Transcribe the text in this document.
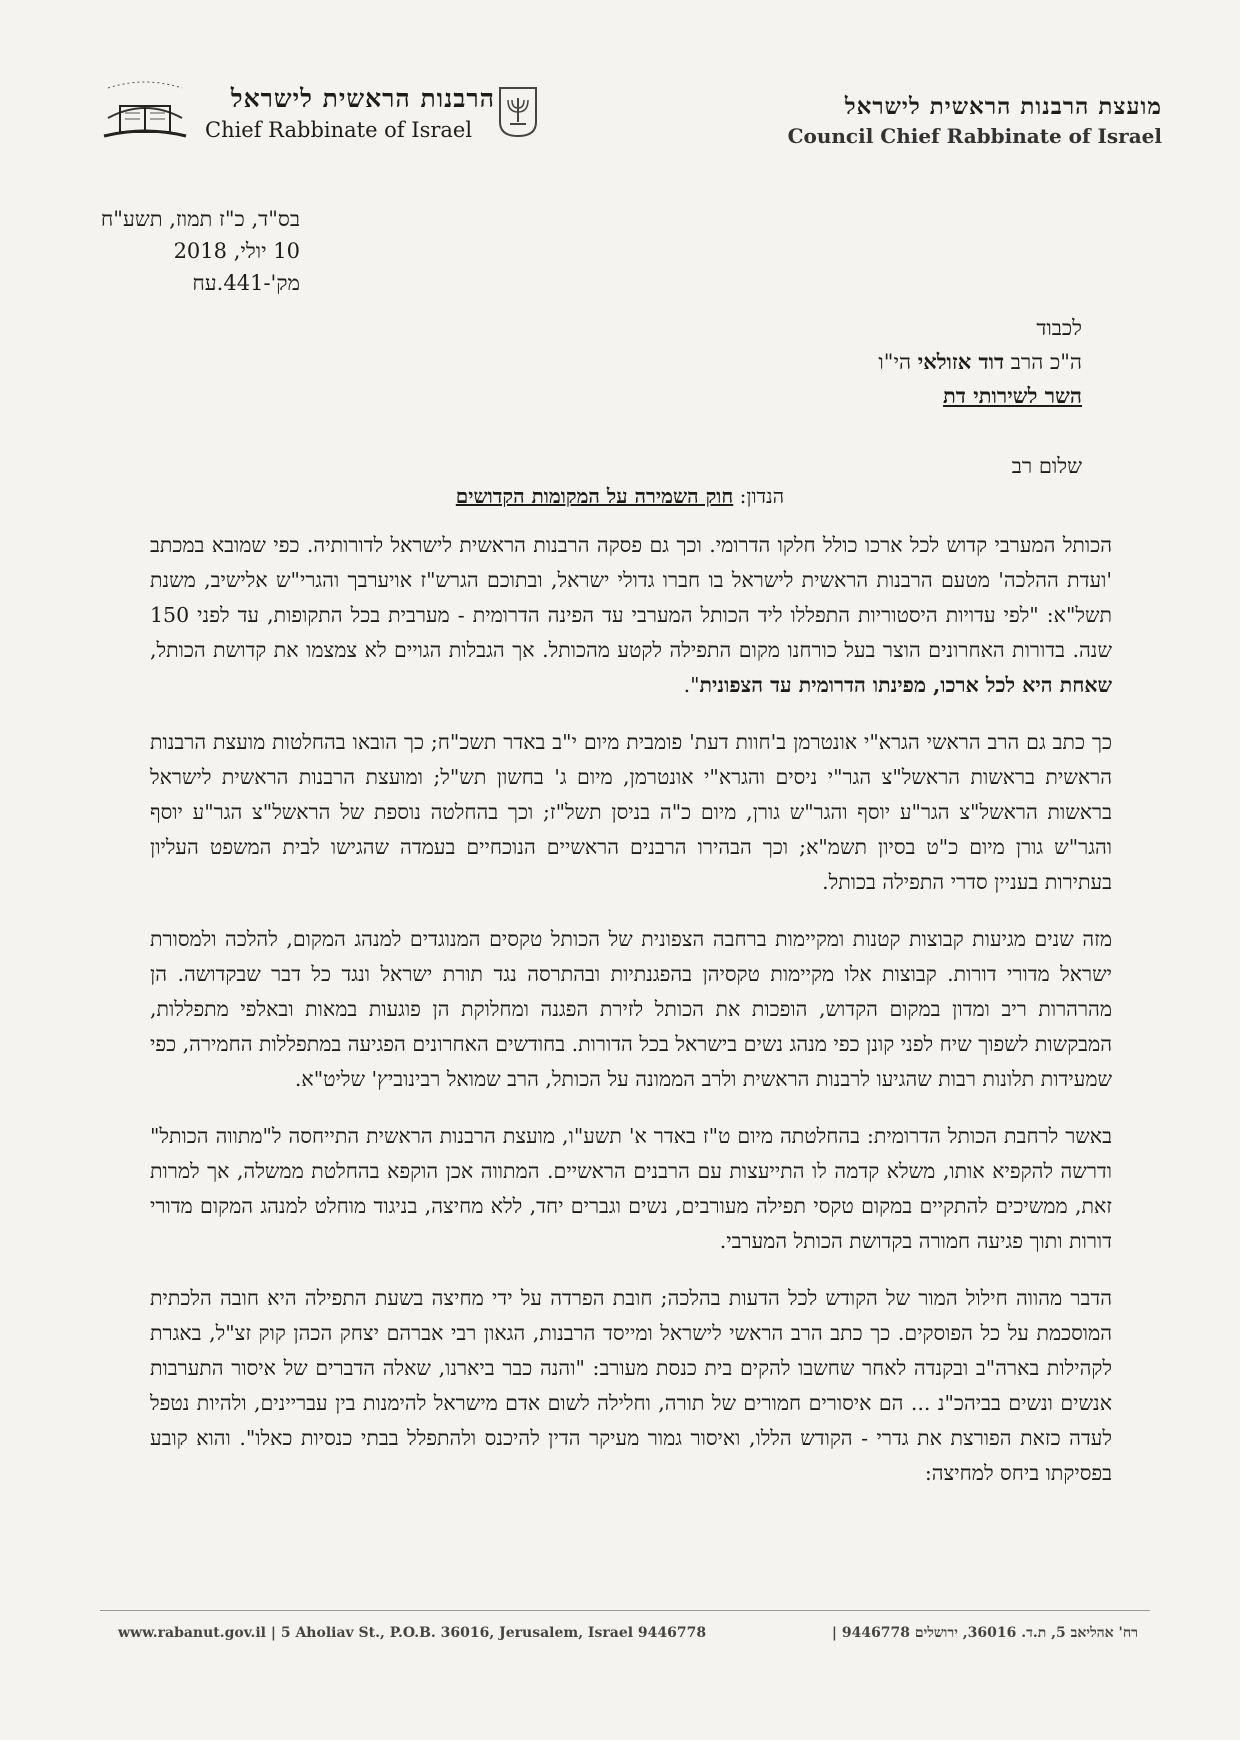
הרבנות הראשית לישראל
Chief Rabbinate of Israel
מועצת הרבנות הראשית לישראל
Council Chief Rabbinate of Israel
בס"ד, כ"ז תמוז, תשע"ח
10 יולי, 2018
מק'-441.עח
לכבוד
ה"כ הרב דוד אזולאי הי"ו
השר לשירותי דת
שלום רב
הנדון: חוק השמירה על המקומות הקדושים

הכותל המערבי קדוש לכל ארכו כולל חלקו הדרומי. וכך גם פסקה הרבנות הראשית לישראל לדורותיה. כפי שמובא במכתב 'ועדת ההלכה' מטעם הרבנות הראשית לישראל בו חברו גדולי ישראל, ובתוכם הגרש"ז אויערבך והגרי"ש אלישיב, משנת תשל"א: "לפי עדויות היסטוריות התפללו ליד הכותל המערבי עד הפינה הדרומית - מערבית בכל התקופות, עד לפני 150 שנה. בדורות האחרונים הוצר בעל כורחנו מקום התפילה לקטע מהכותל. אך הגבלות הגויים לא צמצמו את קדושת הכותל, שאחת היא לכל ארכו, מפינתו הדרומית עד הצפונית".

כך כתב גם הרב הראשי הגרא"י אונטרמן ב'חוות דעת' פומבית מיום י"ב באדר תשכ"ח; כך הובאו בהחלטות מועצת הרבנות הראשית בראשות הראשל"צ הגר"י ניסים והגרא"י אונטרמן, מיום ג' בחשון תש"ל; ומועצת הרבנות הראשית לישראל בראשות הראשל"צ הגר"ע יוסף והגר"ש גורן, מיום כ"ה בניסן תשל"ז; וכך בהחלטה נוספת של הראשל"צ הגר"ע יוסף והגר"ש גורן מיום כ"ט בסיון תשמ"א; וכך הבהירו הרבנים הראשיים הנוכחיים בעמדה שהגישו לבית המשפט העליון בעתירות בעניין סדרי התפילה בכותל.

מזה שנים מגיעות קבוצות קטנות ומקיימות ברחבה הצפונית של הכותל טקסים המנוגדים למנהג המקום, להלכה ולמסורת ישראל מדורי דורות. קבוצות אלו מקיימות טקסיהן בהפגנתיות ובהתרסה נגד תורת ישראל ונגד כל דבר שבקדושה. הן מהרהרות ריב ומדון במקום הקדוש, הופכות את הכותל לזירת הפגנה ומחלוקת הן פוגעות במאות ובאלפי מתפללות, המבקשות לשפוך שיח לפני קונן כפי מנהג נשים בישראל בכל הדורות. בחודשים האחרונים הפגיעה במתפללות החמירה, כפי שמעידות תלונות רבות שהגיעו לרבנות הראשית ולרב הממונה על הכותל, הרב שמואל רבינוביץ' שליט"א.

באשר לרחבת הכותל הדרומית: בהחלטתה מיום ט"ז באדר א' תשע"ו, מועצת הרבנות הראשית התייחסה ל"מתווה הכותל" ודרשה להקפיא אותו, משלא קדמה לו התייעצות עם הרבנים הראשיים. המתווה אכן הוקפא בהחלטת ממשלה, אך למרות זאת, ממשיכים להתקיים במקום טקסי תפילה מעורבים, נשים וגברים יחד, ללא מחיצה, בניגוד מוחלט למנהג המקום מדורי דורות ותוך פגיעה חמורה בקדושת הכותל המערבי.

הדבר מהווה חילול המור של הקודש לכל הדעות בהלכה; חובת הפרדה על ידי מחיצה בשעת התפילה היא חובה הלכתית המוסכמת על כל הפוסקים. כך כתב הרב הראשי לישראל ומייסד הרבנות, הגאון רבי אברהם יצחק הכהן קוק זצ"ל, באגרת לקהילות בארה"ב ובקנדה לאחר שחשבו להקים בית כנסת מעורב: "והנה כבר ביארנו, שאלה הדברים של איסור התערבות אנשים ונשים בביהכ"נ ... הם איסורים חמורים של תורה, וחלילה לשום אדם מישראל להימנות בין עבריינים, ולהיות נטפל לעדה כזאת הפורצת את גדרי - הקודש הללו, ואיסור גמור מעיקר הדין להיכנס ולהתפלל בבתי כנסיות כאלו". והוא קובע בפסיקתו ביחס למחיצה:

www.rabanut.gov.il | 5 Aholiav St., P.O.B. 36016, Jerusalem, Israel 9446778	רח' אהליאב 5, ת.ד. 36016, ירושלים 9446778 |
